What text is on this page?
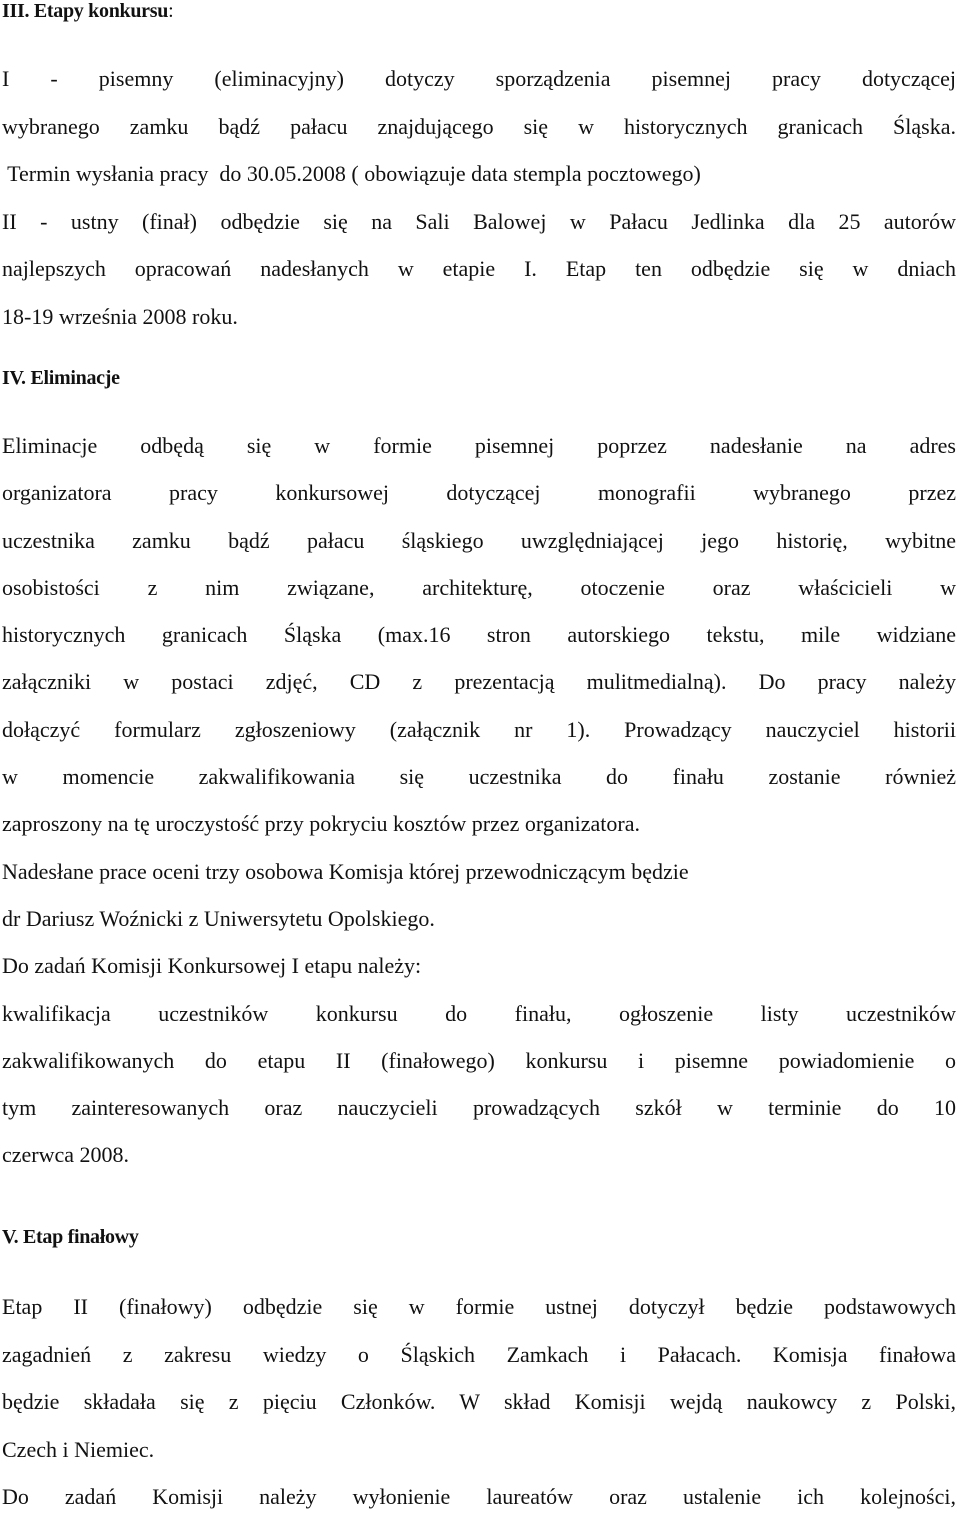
III. Etapy konkursu:
I - pisemny (eliminacyjny) dotyczy sporządzenia pisemnej pracy dotyczącej
wybranego zamku bądź pałacu znajdującego się w historycznych granicach Śląska.
Termin wysłania pracy  do 30.05.2008 ( obowiązuje data stempla pocztowego)
II - ustny (finał) odbędzie się na Sali Balowej w Pałacu Jedlinka dla 25 autorów
najlepszych opracowań nadesłanych w etapie I. Etap ten odbędzie się w dniach
18-19 września 2008 roku.
IV. Eliminacje
Eliminacje odbędą się w formie pisemnej poprzez nadesłanie na adres
organizatora pracy konkursowej dotyczącej monografii wybranego przez
uczestnika zamku bądź pałacu śląskiego uwzględniającej jego historię, wybitne
osobistości z nim związane, architekturę, otoczenie oraz właścicieli w
historycznych granicach Śląska (max.16 stron autorskiego tekstu, mile widziane
załączniki w postaci zdjęć, CD z prezentacją mulitmedialną). Do pracy należy
dołączyć formularz zgłoszeniowy (załącznik nr 1). Prowadzący nauczyciel historii
w momencie zakwalifikowania się uczestnika do finału zostanie również
zaproszony na tę uroczystość przy pokryciu kosztów przez organizatora.
Nadesłane prace oceni trzy osobowa Komisja której przewodniczącym będzie
dr Dariusz Woźnicki z Uniwersytetu Opolskiego.
Do zadań Komisji Konkursowej I etapu należy:
kwalifikacja uczestników konkursu do finału, ogłoszenie listy uczestników
zakwalifikowanych do etapu II (finałowego) konkursu i pisemne powiadomienie o
tym zainteresowanych oraz nauczycieli prowadzących szkół w terminie do 10
czerwca 2008.
V. Etap finałowy
Etap II (finałowy) odbędzie się w formie ustnej dotyczył będzie podstawowych
zagadnień z zakresu wiedzy o Śląskich Zamkach i Pałacach. Komisja finałowa
będzie składała się z pięciu Członków. W skład Komisji wejdą naukowcy z Polski,
Czech i Niemiec.
Do zadań Komisji należy wyłonienie laureatów oraz ustalenie ich kolejności,
